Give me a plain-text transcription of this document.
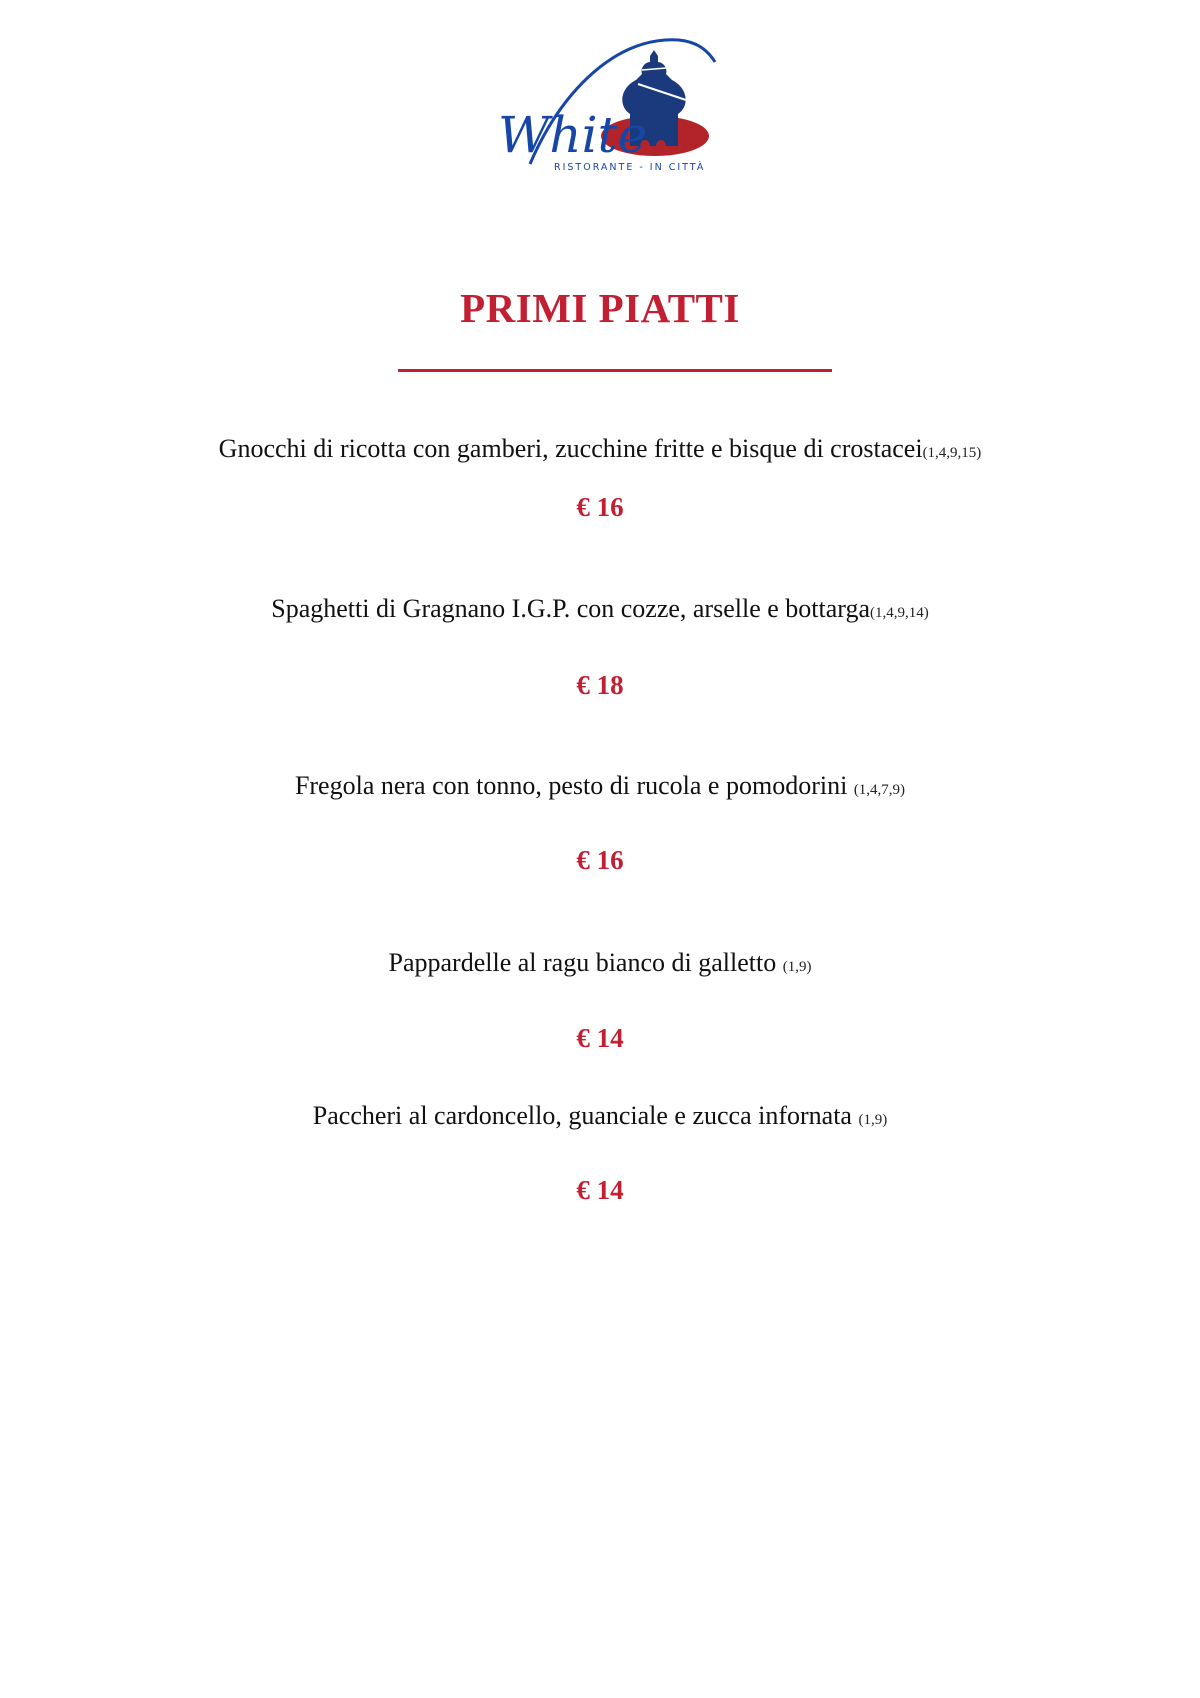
White
RISTORANTE - IN CITTÀ
PRIMI PIATTI
Gnocchi di ricotta con gamberi, zucchine fritte e bisque di crostacei(1,4,9,15)
€ 16
Spaghetti di Gragnano I.G.P. con cozze, arselle e bottarga(1,4,9,14)
€ 18
Fregola nera con tonno, pesto di rucola e pomodorini (1,4,7,9)
€ 16
Pappardelle al ragu bianco di galletto (1,9)
€ 14
Paccheri al cardoncello, guanciale e zucca infornata (1,9)
€ 14
